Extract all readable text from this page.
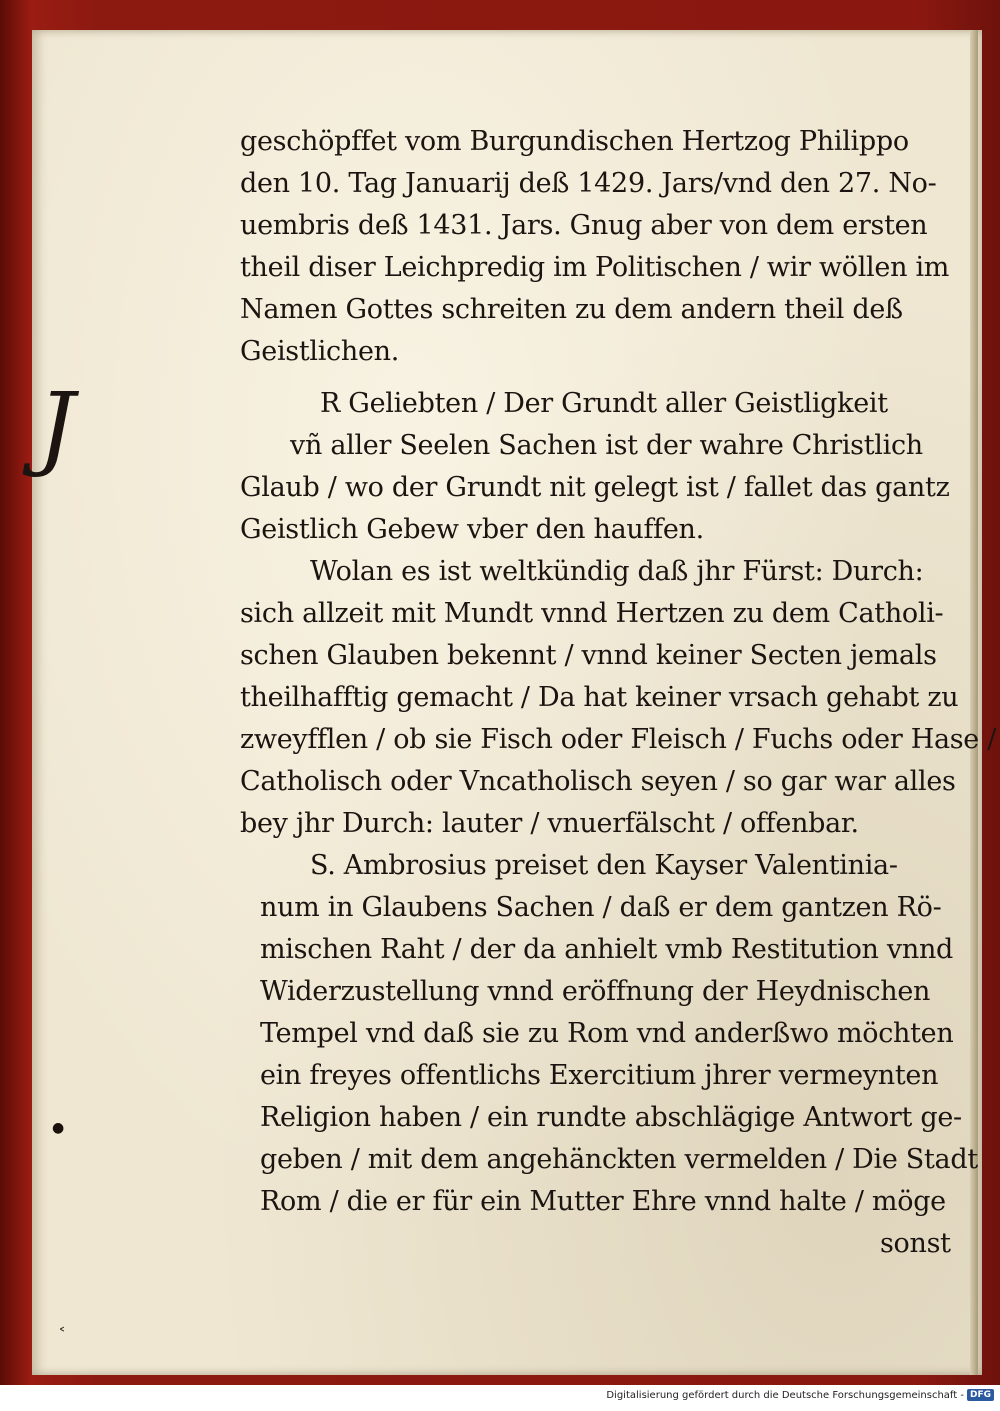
J
geschöpffet vom Burgundischen Hertzog Philippo
den 10. Tag Januarij deß 1429. Jars/vnd den 27. No-
uembris deß 1431. Jars. Gnug aber von dem ersten
theil diser Leichpredig im Politischen / wir wöllen im
Namen Gottes schreiten zu dem andern theil deß
Geistlichen.
R Geliebten / Der Grundt aller Geistligkeit
vñ aller Seelen Sachen ist der wahre Christlich
Glaub / wo der Grundt nit gelegt ist / fallet das gantz
Geistlich Gebew vber den hauffen.
Wolan es ist weltkündig daß jhr Fürst: Durch:
sich allzeit mit Mundt vnnd Hertzen zu dem Catholi-
schen Glauben bekennt / vnnd keiner Secten jemals
theilhafftig gemacht / Da hat keiner vrsach gehabt zu
zweyfflen / ob sie Fisch oder Fleisch / Fuchs oder Hase /
Catholisch oder Vncatholisch seyen / so gar war alles
bey jhr Durch: lauter / vnuerfälscht / offenbar.
S. Ambrosius preiset den Kayser Valentinia-
num in Glaubens Sachen / daß er dem gantzen Rö-
mischen Raht / der da anhielt vmb Restitution vnnd
Widerzustellung vnnd eröffnung der Heydnischen
Tempel vnd daß sie zu Rom vnd anderßwo möchten
ein freyes offentlichs Exercitium jhrer vermeynten
Religion haben / ein rundte abschlägige Antwort ge-
geben / mit dem angehänckten vermelden / Die Stadt
Rom / die er für ein Mutter Ehre vnnd halte / möge
sonst
˂
●
Digitalisierung gefördert durch die Deutsche Forschungsgemeinschaft - DFG
